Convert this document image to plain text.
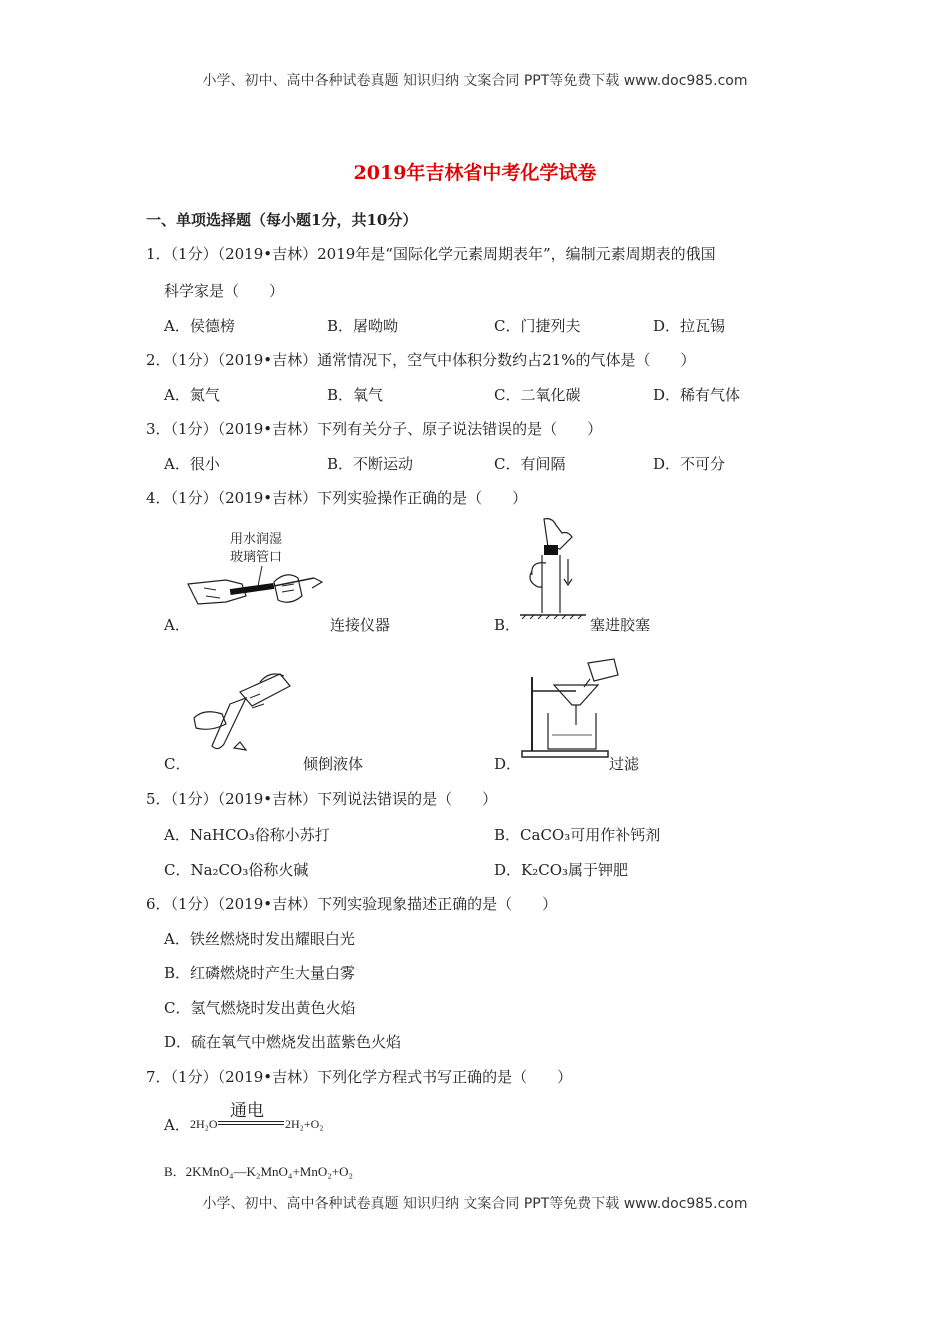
小学、初中、高中各种试卷真题 知识归纳 文案合同 PPT等免费下载 www.doc985.com
2019年吉林省中考化学试卷
一、单项选择题（每小题1分，共10分）
1．（1分）（2019•吉林）2019年是“国际化学元素周期表年”，编制元素周期表的俄国
科学家是（　　）
A．侯德榜	B．屠呦呦	C．门捷列夫	D．拉瓦锡
2．（1分）（2019•吉林）通常情况下，空气中体积分数约占21%的气体是（　　）
A．氮气	B．氧气	C．二氧化碳	D．稀有气体
3．（1分）（2019•吉林）下列有关分子、原子说法错误的是（　　）
A．很小	B．不断运动	C．有间隔	D．不可分
4．（1分）（2019•吉林）下列实验操作正确的是（　　）
用水润湿
玻璃管口
A．	连接仪器	B．	塞进胶塞
C．	倾倒液体	D．	过滤
5．（1分）（2019•吉林）下列说法错误的是（　　）
A．NaHCO₃俗称小苏打	B．CaCO₃可用作补钙剂
C．Na₂CO₃俗称火碱	D．K₂CO₃属于钾肥
6．（1分）（2019•吉林）下列实验现象描述正确的是（　　）
A．铁丝燃烧时发出耀眼白光
B．红磷燃烧时产生大量白雾
C．氢气燃烧时发出黄色火焰
D．硫在氧气中燃烧发出蓝紫色火焰
7．（1分）（2019•吉林）下列化学方程式书写正确的是（　　）
A． 2H₂O
通电
2H₂+O₂
B．2KMnO₄—K₂MnO₄+MnO₂+O₂
小学、初中、高中各种试卷真题 知识归纳 文案合同 PPT等免费下载 www.doc985.com
